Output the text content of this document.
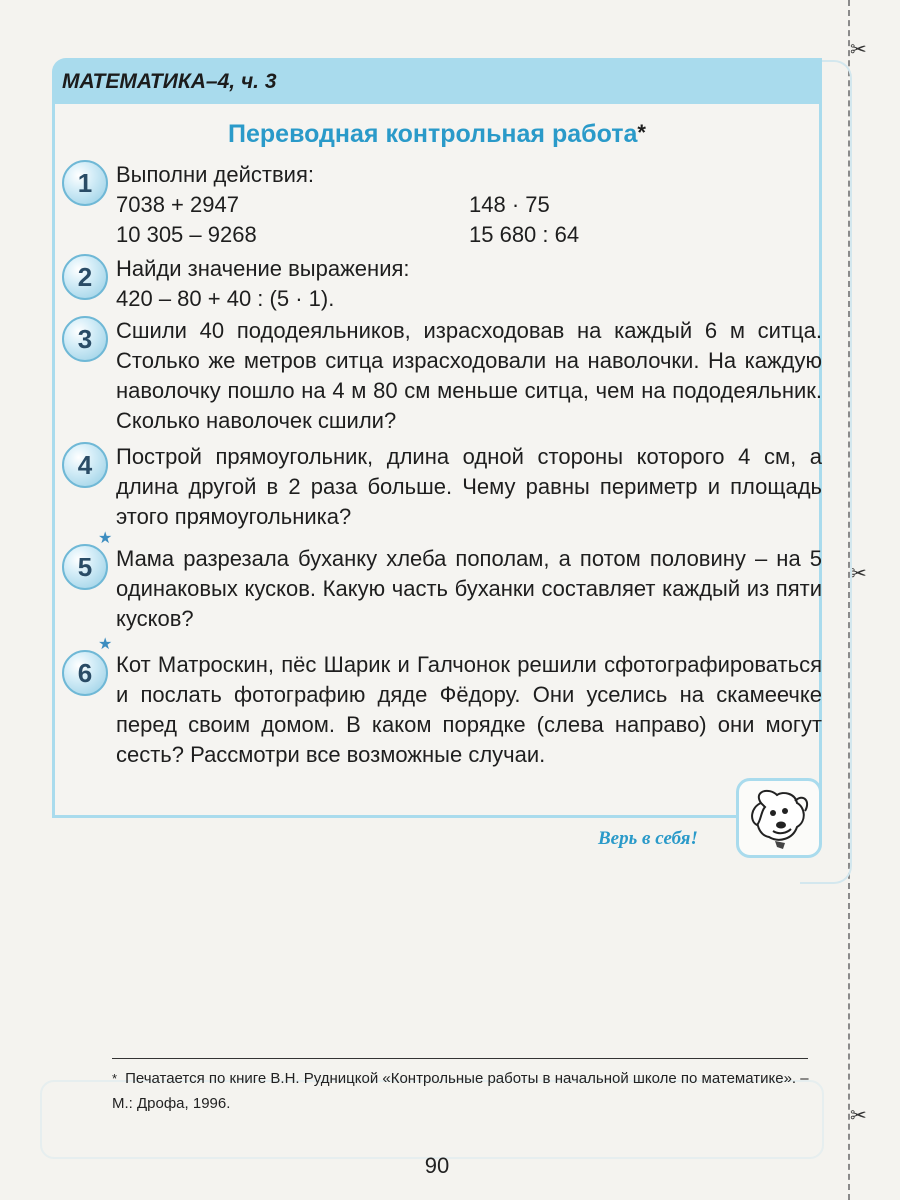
✂
✂
✂
МАТЕМАТИКА–4, ч. 3
Переводная контрольная работа*
1	Выполни действия:
7038 + 2947	148 · 75
10 305 – 9268	15 680 : 64
2	Найди значение выражения:
420 – 80 + 40 : (5 · 1).
3	Сшили 40 пододеяльников, израсходовав на каждый 6 м ситца. Столько же метров ситца израсходовали на наволочки. На каждую наволочку пошло на 4 м 80 см меньше ситца, чем на пододеяльник. Сколько наволочек сшили?
4	Построй прямоугольник, длина одной стороны которого 4 см, а длина другой в 2 раза больше. Чему равны периметр и площадь этого прямоугольника?
★
5	Мама разрезала буханку хлеба пополам, а потом половину – на 5 одинаковых кусков. Какую часть буханки составляет каждый из пяти кусков?
★
6	Кот Матроскин, пёс Шарик и Галчонок решили сфотографироваться и послать фотографию дяде Фёдору. Они уселись на скамеечке перед своим домом. В каком порядке (слева направо) они могут сесть? Рассмотри все возможные случаи.
Верь в себя!
* Печатается по книге В.Н. Рудницкой «Контрольные работы в начальной школе по математике». – М.: Дрофа, 1996.
90
